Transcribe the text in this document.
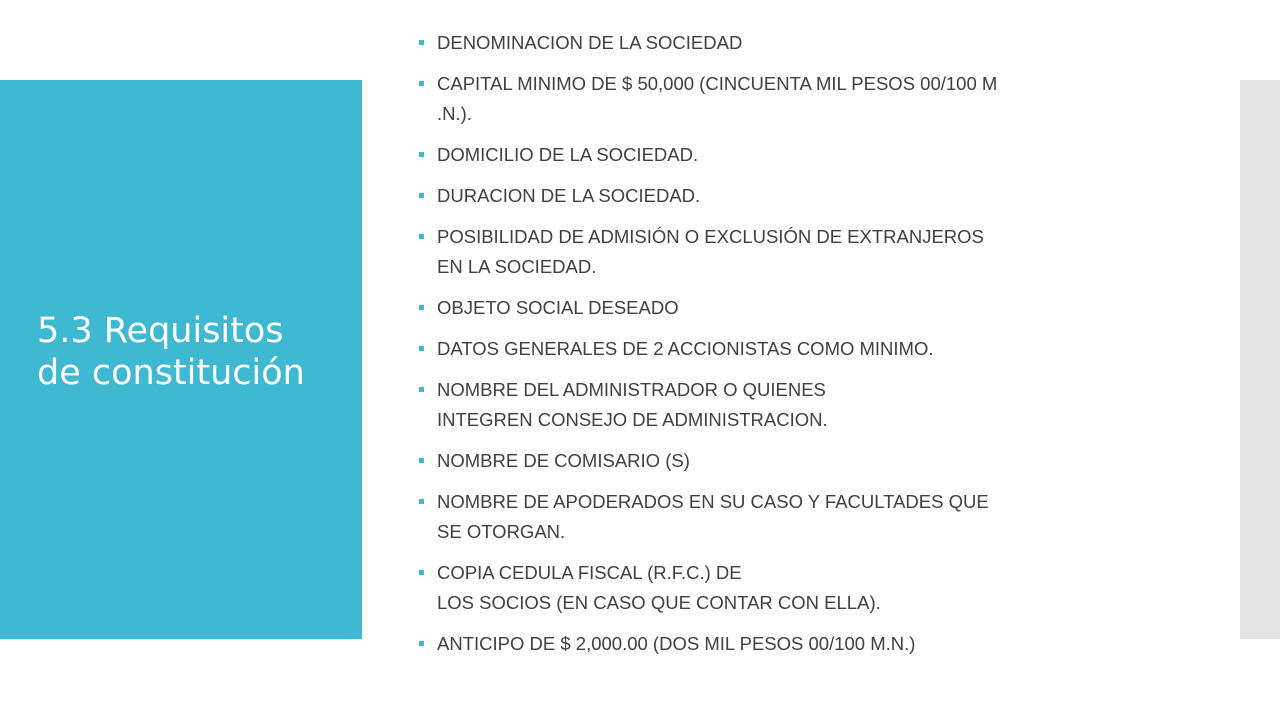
5.3 Requisitos
de constitución
DENOMINACION DE LA SOCIEDAD
CAPITAL MINIMO DE $ 50,000 (CINCUENTA MIL PESOS 00/100 M
.N.).
DOMICILIO DE LA SOCIEDAD.
DURACION DE LA SOCIEDAD.
POSIBILIDAD DE ADMISIÓN O EXCLUSIÓN DE EXTRANJEROS
EN LA SOCIEDAD.
OBJETO SOCIAL DESEADO
DATOS GENERALES DE 2 ACCIONISTAS COMO MINIMO.
NOMBRE DEL ADMINISTRADOR O QUIENES
INTEGREN CONSEJO DE ADMINISTRACION.
NOMBRE DE COMISARIO (S)
NOMBRE DE APODERADOS EN SU CASO Y FACULTADES QUE
SE OTORGAN.
COPIA CEDULA FISCAL (R.F.C.) DE
LOS SOCIOS (EN CASO QUE CONTAR CON ELLA).
ANTICIPO DE $ 2,000.00 (DOS MIL PESOS 00/100 M.N.)
